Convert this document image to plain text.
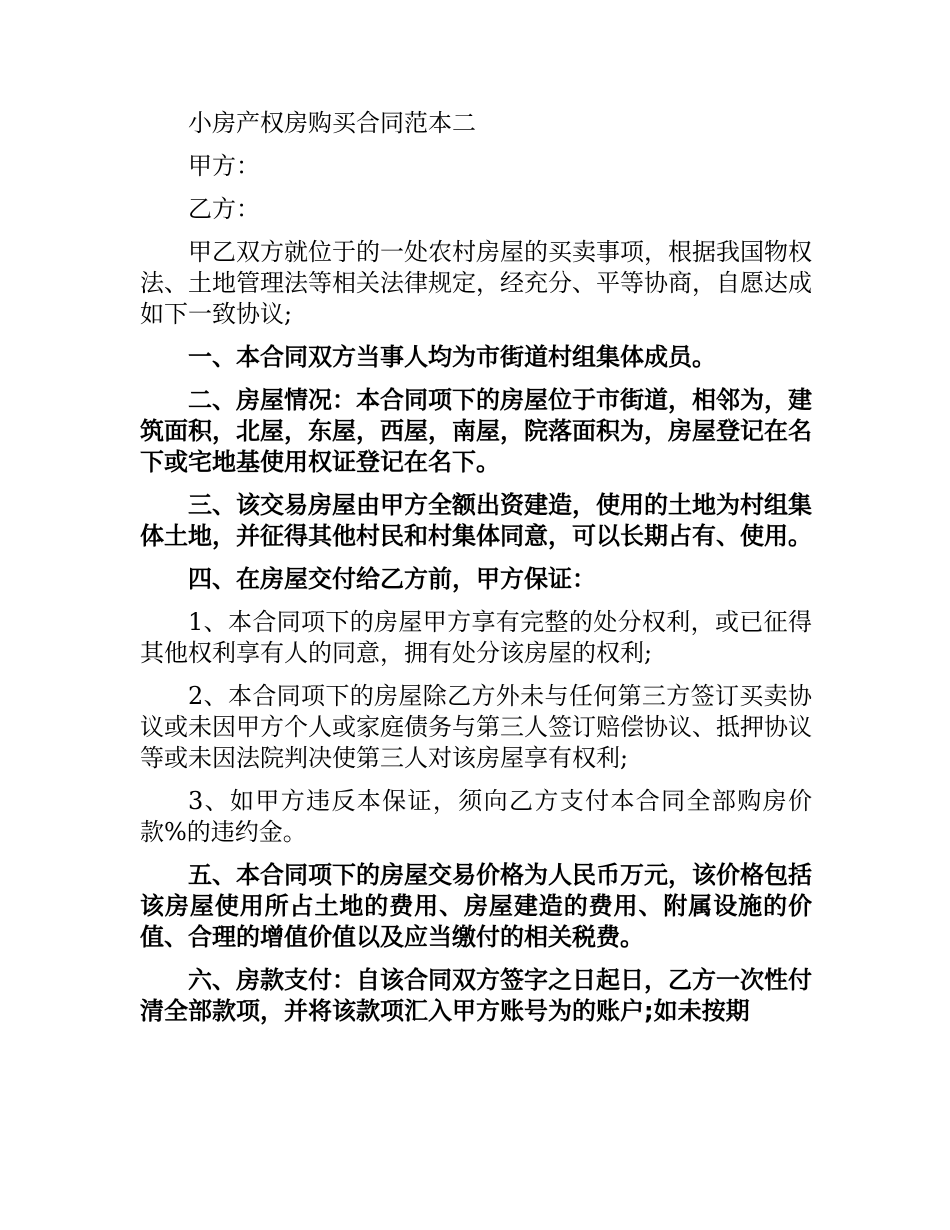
小房产权房购买合同范本二

甲方：

乙方：

甲乙双方就位于的一处农村房屋的买卖事项，根据我国物权法、土地管理法等相关法律规定，经充分、平等协商，自愿达成如下一致协议;

一、本合同双方当事人均为市街道村组集体成员。

二、房屋情况：本合同项下的房屋位于市街道，相邻为，建筑面积，北屋，东屋，西屋，南屋，院落面积为，房屋登记在名下或宅地基使用权证登记在名下。

三、该交易房屋由甲方全额出资建造，使用的土地为村组集体土地，并征得其他村民和村集体同意，可以长期占有、使用。

四、在房屋交付给乙方前，甲方保证：

1、本合同项下的房屋甲方享有完整的处分权利，或已征得其他权利享有人的同意，拥有处分该房屋的权利;

2、本合同项下的房屋除乙方外未与任何第三方签订买卖协议或未因甲方个人或家庭债务与第三人签订赔偿协议、抵押协议等或未因法院判决使第三人对该房屋享有权利;

3、如甲方违反本保证，须向乙方支付本合同全部购房价款%的违约金。

五、本合同项下的房屋交易价格为人民币万元，该价格包括该房屋使用所占土地的费用、房屋建造的费用、附属设施的价值、合理的增值价值以及应当缴付的相关税费。

六、房款支付：自该合同双方签字之日起日，乙方一次性付清全部款项，并将该款项汇入甲方账号为的账户;如未按期
